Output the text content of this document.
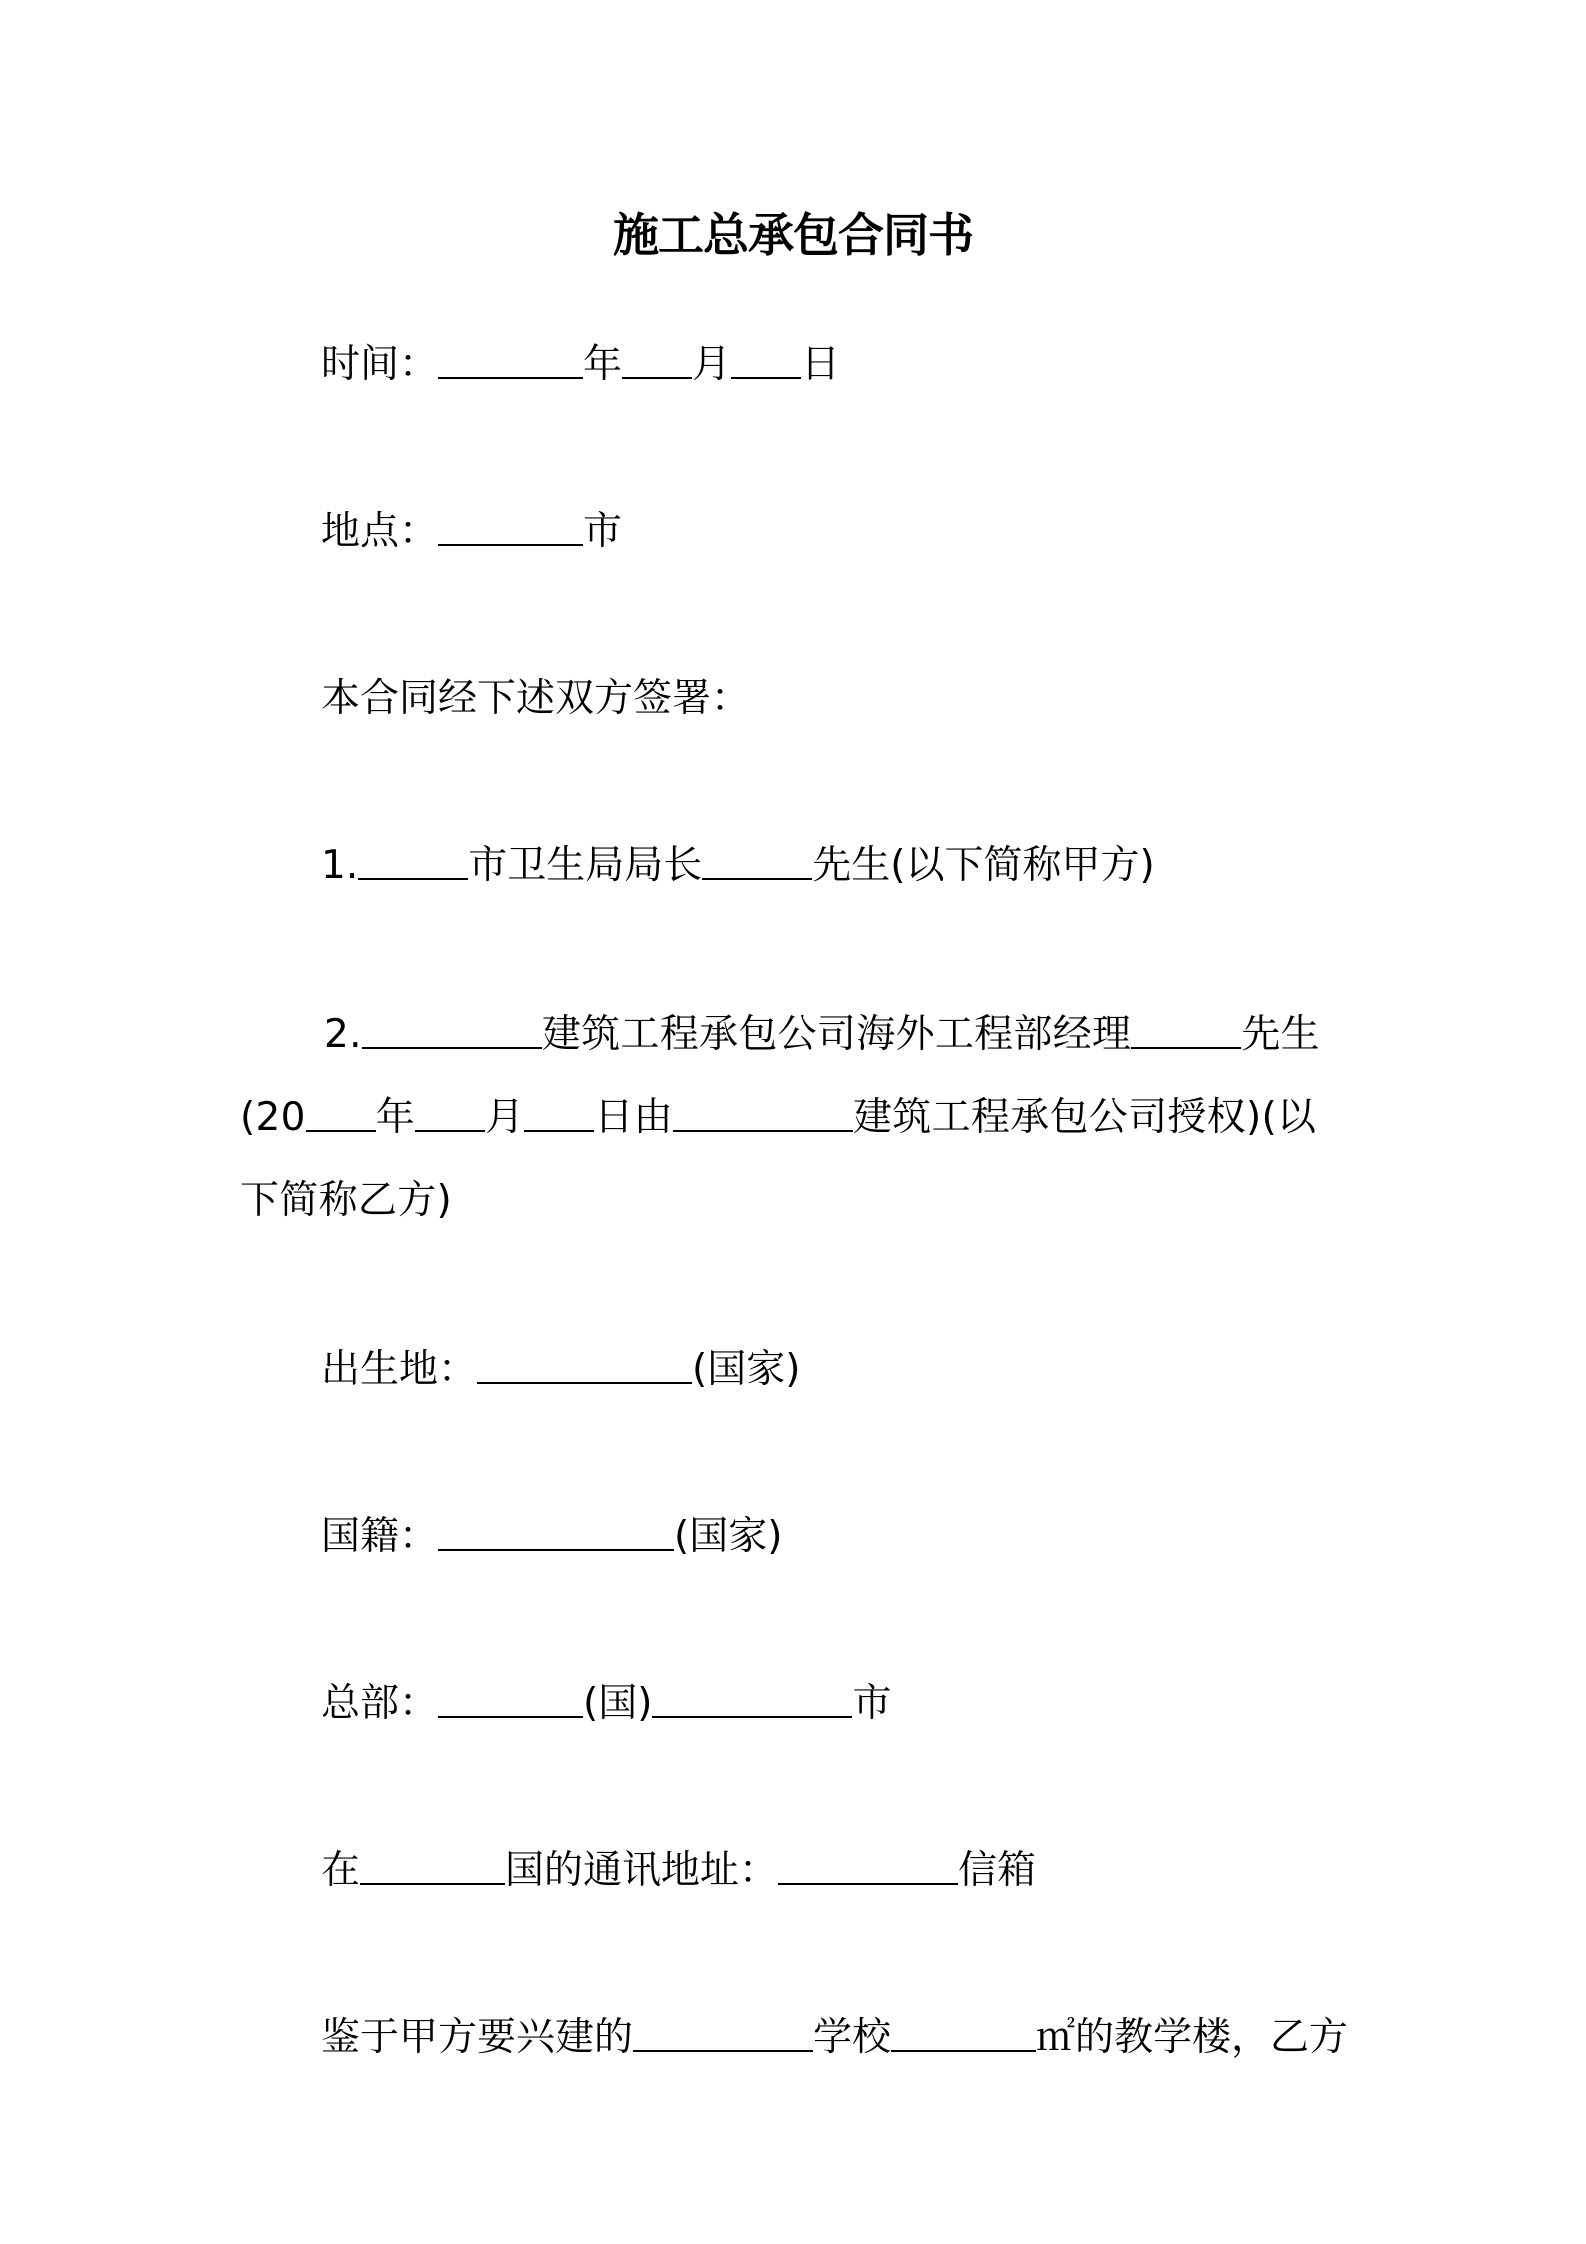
施工总承包合同书
时间：	年 月 日
地点：	市
本合同经下述双方签署：
1.	市卫生局局长	先生(以下简称甲方)
2.	建筑工程承包公司海外工程部经理	先生(20 年 月 日由	建筑工程承包公司授权)(以下简称乙方)
出生地：	(国家)
国籍：	(国家)
总部：	(国)	市
在	国的通讯地址：	信箱
鉴于甲方要兴建的	学校	㎡的教学楼，乙方
